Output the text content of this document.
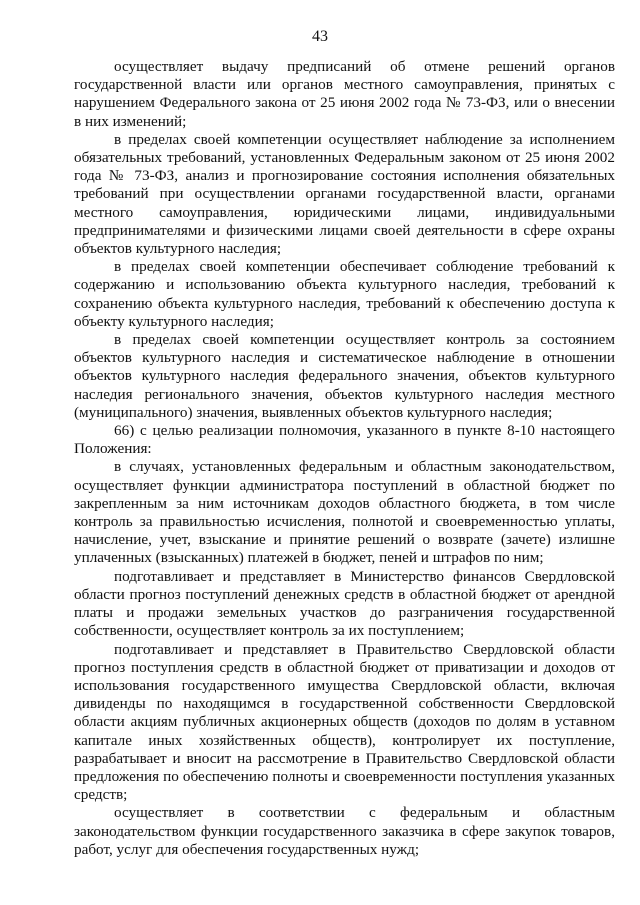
43

осуществляет выдачу предписаний об отмене решений органов государственной власти или органов местного самоуправления, принятых с нарушением Федерального закона от 25 июня 2002 года № 73-ФЗ, или о внесении в них изменений;

в пределах своей компетенции осуществляет наблюдение за исполнением обязательных требований, установленных Федеральным законом от 25 июня 2002 года № 73-ФЗ, анализ и прогнозирование состояния исполнения обязательных требований при осуществлении органами государственной власти, органами местного самоуправления, юридическими лицами, индивидуальными предпринимателями и физическими лицами своей деятельности в сфере охраны объектов культурного наследия;

в пределах своей компетенции обеспечивает соблюдение требований к содержанию и использованию объекта культурного наследия, требований к сохранению объекта культурного наследия, требований к обеспечению доступа к объекту культурного наследия;

в пределах своей компетенции осуществляет контроль за состоянием объектов культурного наследия и систематическое наблюдение в отношении объектов культурного наследия федерального значения, объектов культурного наследия регионального значения, объектов культурного наследия местного (муниципального) значения, выявленных объектов культурного наследия;

66) с целью реализации полномочия, указанного в пункте 8-10 настоящего Положения:

в случаях, установленных федеральным и областным законодательством, осуществляет функции администратора поступлений в областной бюджет по закрепленным за ним источникам доходов областного бюджета, в том числе контроль за правильностью исчисления, полнотой и своевременностью уплаты, начисление, учет, взыскание и принятие решений о возврате (зачете) излишне уплаченных (взысканных) платежей в бюджет, пеней и штрафов по ним;

подготавливает и представляет в Министерство финансов Свердловской области прогноз поступлений денежных средств в областной бюджет от арендной платы и продажи земельных участков до разграничения государственной собственности, осуществляет контроль за их поступлением;

подготавливает и представляет в Правительство Свердловской области прогноз поступления средств в областной бюджет от приватизации и доходов от использования государственного имущества Свердловской области, включая дивиденды по находящимся в государственной собственности Свердловской области акциям публичных акционерных обществ (доходов по долям в уставном капитале иных хозяйственных обществ), контролирует их поступление, разрабатывает и вносит на рассмотрение в Правительство Свердловской области предложения по обеспечению полноты и своевременности поступления указанных средств;

осуществляет в соответствии с федеральным и областным законодательством функции государственного заказчика в сфере закупок товаров, работ, услуг для обеспечения государственных нужд;
